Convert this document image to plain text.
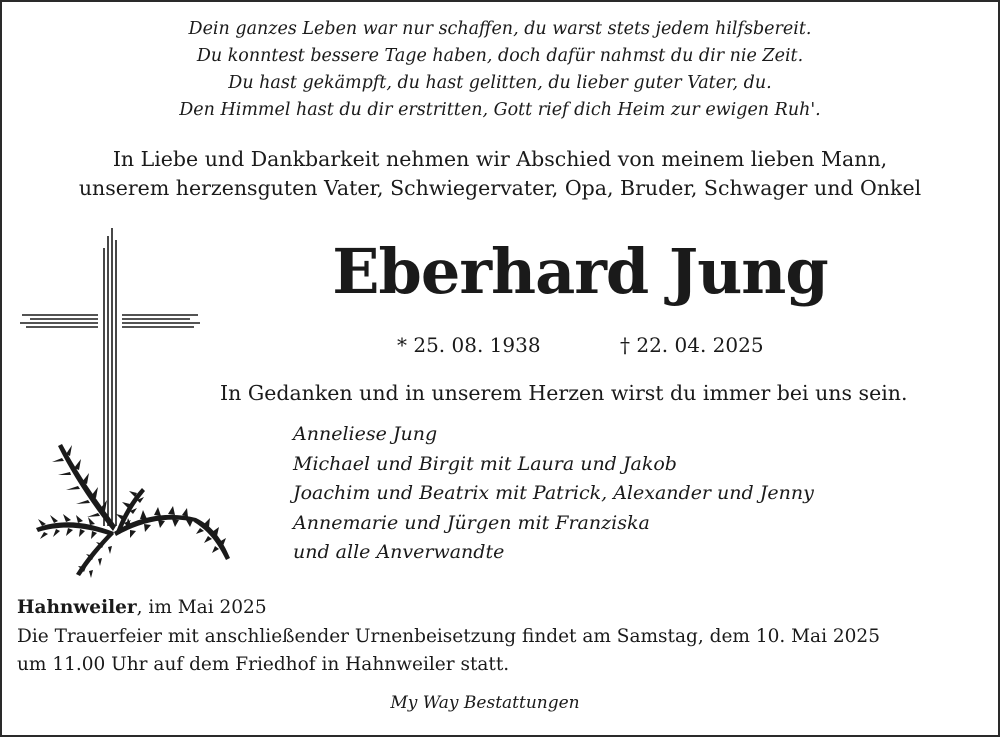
Dein ganzes Leben war nur schaffen, du warst stets jedem hilfsbereit.
Du konntest bessere Tage haben, doch dafür nahmst du dir nie Zeit.
Du hast gekämpft, du hast gelitten, du lieber guter Vater, du.
Den Himmel hast du dir erstritten, Gott rief dich Heim zur ewigen Ruh'.
In Liebe und Dankbarkeit nehmen wir Abschied von meinem lieben Mann,
unserem herzensguten Vater, Schwiegervater, Opa, Bruder, Schwager und Onkel
Eberhard Jung
* 25. 08. 1938	† 22. 04. 2025
In Gedanken und in unserem Herzen wirst du immer bei uns sein.
Anneliese Jung
Michael und Birgit mit Laura und Jakob
Joachim und Beatrix mit Patrick, Alexander und Jenny
Annemarie und Jürgen mit Franziska
und alle Anverwandte
Hahnweiler, im Mai 2025
Die Trauerfeier mit anschließender Urnenbeisetzung findet am Samstag, dem 10. Mai 2025
um 11.00 Uhr auf dem Friedhof in Hahnweiler statt.
My Way Bestattungen
